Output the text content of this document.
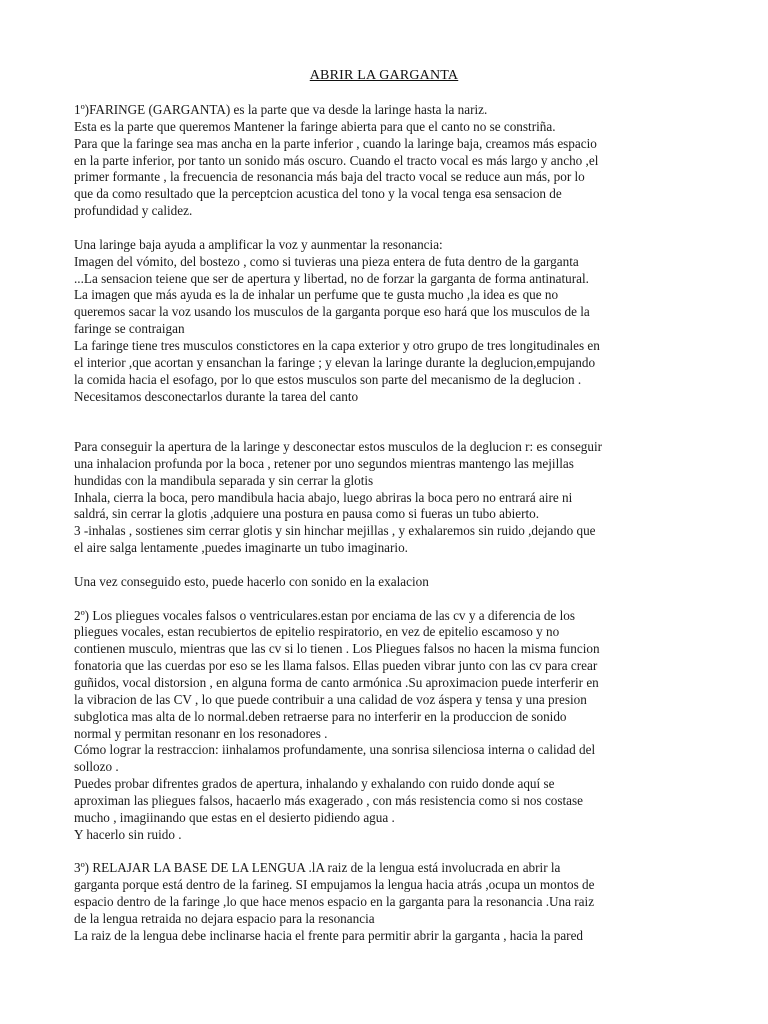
ABRIR LA GARGANTA
1º)FARINGE (GARGANTA) es la parte que va desde la laringe hasta la nariz.
Esta es la parte que queremos Mantener la faringe abierta para que el canto no se constriña.
Para que la faringe sea mas ancha en la parte inferior , cuando la laringe baja, creamos más espacio
en la parte inferior, por tanto un sonido más oscuro. Cuando el tracto vocal es más largo y ancho ,el
primer formante , la frecuencia de resonancia más baja del tracto vocal se reduce aun más, por lo
que da como resultado que la perceptcion acustica del tono y la vocal tenga esa sensacion de
profundidad y calidez.
Una laringe baja ayuda a amplificar la voz y aunmentar la resonancia:
Imagen del vómito, del bostezo , como si tuvieras una pieza entera de futa dentro de la garganta
...La sensacion teiene que ser de apertura y libertad, no de forzar la garganta de forma antinatural.
La imagen que más ayuda es la de inhalar un perfume que te gusta mucho ,la idea es que no
queremos sacar la voz usando los musculos de la garganta porque eso hará que los musculos de la
faringe se contraigan
La faringe tiene tres musculos constictores en la capa exterior y otro grupo de tres longitudinales en
el interior ,que acortan y ensanchan la faringe ; y elevan la laringe durante la deglucion,empujando
la comida hacia el esofago, por lo que estos musculos son parte del mecanismo de la deglucion .
Necesitamos desconectarlos durante la tarea del canto
Para conseguir la apertura de la laringe y desconectar estos musculos de la deglucion r: es conseguir
una inhalacion profunda por la boca , retener por uno segundos mientras mantengo las mejillas
hundidas con la mandibula separada y sin cerrar la glotis
Inhala, cierra la boca, pero mandibula hacia abajo, luego abriras la boca pero no entrará aire ni
saldrá, sin cerrar la glotis ,adquiere una postura en pausa como si fueras un tubo abierto.
3 -inhalas , sostienes sim cerrar glotis y sin hinchar mejillas , y exhalaremos sin ruido ,dejando que
el aire salga lentamente ,puedes imaginarte un tubo imaginario.
Una vez conseguido esto, puede hacerlo con sonido en la exalacion
2º) Los pliegues vocales falsos o ventriculares.estan por enciama de las cv y a diferencia de los
pliegues vocales, estan recubiertos de epitelio respiratorio, en vez de epitelio escamoso y no
contienen musculo, mientras que las cv si lo tienen . Los Pliegues falsos no hacen la misma funcion
fonatoria que las cuerdas por eso se les llama falsos. Ellas pueden vibrar junto con las cv para crear
guñidos, vocal distorsion , en alguna forma de canto armónica .Su aproximacion puede interferir en
la vibracion de las CV , lo que puede contribuir a una calidad de voz áspera y tensa y una presion
subglotica mas alta de lo normal.deben retraerse para no interferir en la produccion de sonido
normal y permitan resonanr en los resonadores .
Cómo lograr la restraccion: iinhalamos profundamente, una sonrisa silenciosa interna o calidad del
sollozo .
Puedes probar difrentes grados de apertura, inhalando y exhalando con ruido donde aquí se
aproximan las pliegues falsos, hacaerlo más exagerado , con más resistencia como si nos costase
mucho , imagiinando que estas en el desierto pidiendo agua .
Y hacerlo sin ruido .
3º) RELAJAR LA BASE DE LA LENGUA .lA raiz de la lengua está involucrada en abrir la
garganta porque está dentro de la farineg. SI empujamos la lengua hacia atrás ,ocupa un montos de
espacio dentro de la faringe ,lo que hace menos espacio en la garganta para la resonancia .Una raiz
de la lengua retraida no dejara espacio para la resonancia
La raiz de la lengua debe inclinarse hacia el frente para permitir abrir la garganta , hacia la pared
